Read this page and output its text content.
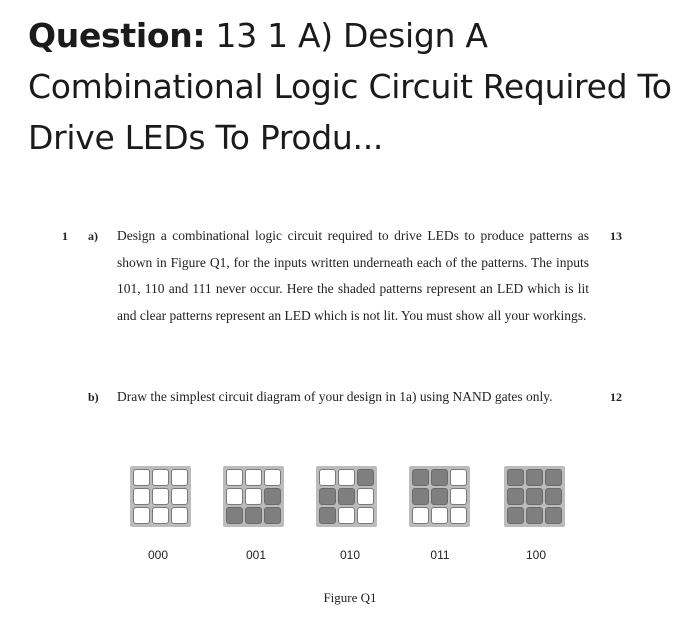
Question: 13 1 A) Design A Combinational Logic Circuit Required To Drive LEDs To Produ...
1 a) Design a combinational logic circuit required to drive LEDs to produce patterns as shown in Figure Q1, for the inputs written underneath each of the patterns. The inputs 101, 110 and 111 never occur. Here the shaded patterns represent an LED which is lit and clear patterns represent an LED which is not lit. You must show all your workings.
13
b) Draw the simplest circuit diagram of your design in 1a) using NAND gates only.	12
000	001	010	011	100
Figure Q1
